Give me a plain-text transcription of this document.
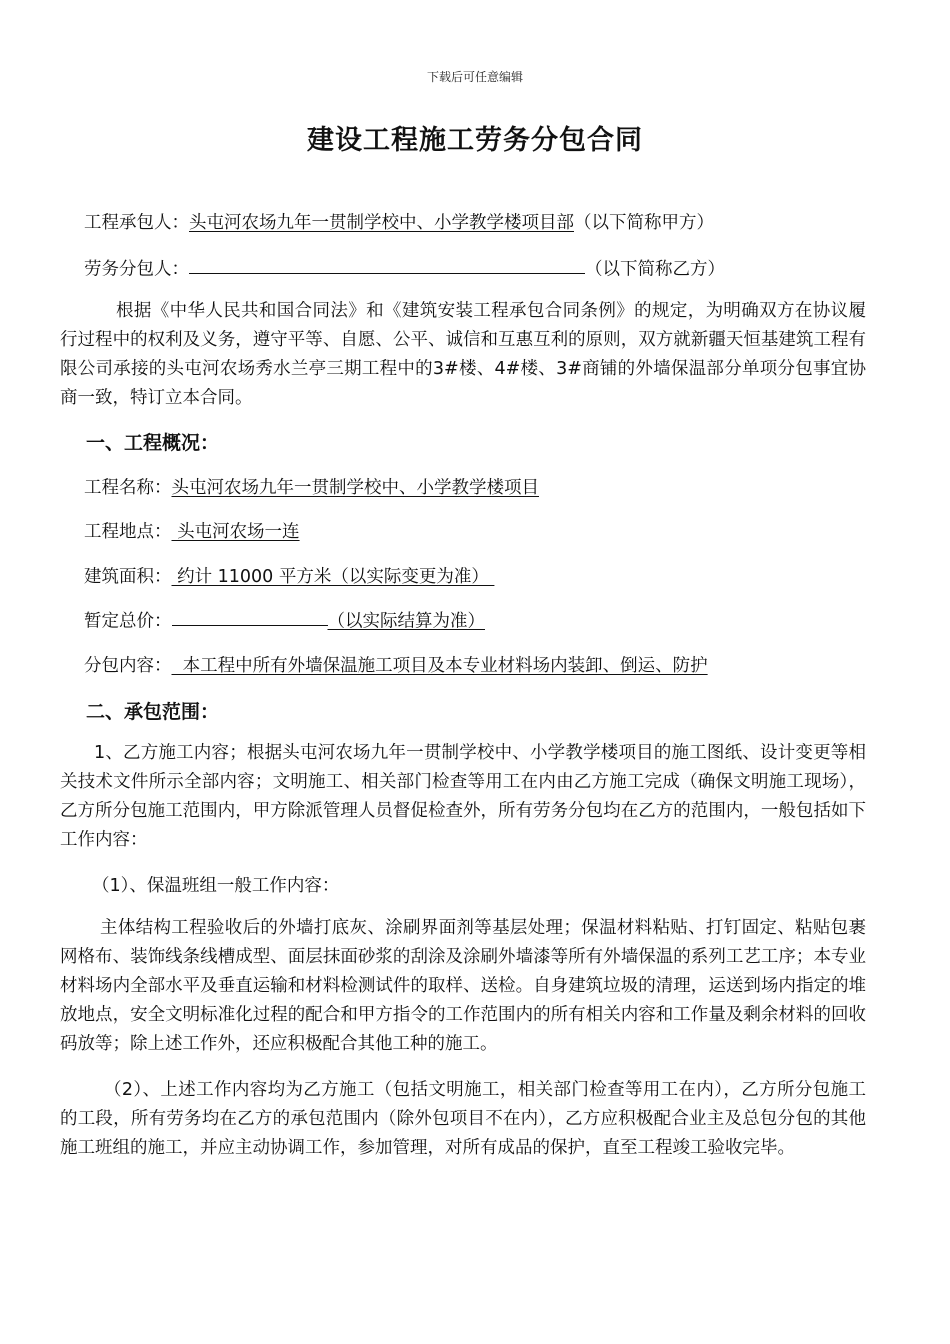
下载后可任意编辑
建设工程施工劳务分包合同
工程承包人：头屯河农场九年一贯制学校中、小学教学楼项目部（以下简称甲方）
劳务分包人：	（以下简称乙方）
根据《中华人民共和国合同法》和《建筑安装工程承包合同条例》的规定，为明确双方在协议履行过程中的权利及义务，遵守平等、自愿、公平、诚信和互惠互利的原则，双方就新疆天恒基建筑工程有限公司承接的头屯河农场秀水兰亭三期工程中的3#楼、4#楼、3#商铺的外墙保温部分单项分包事宜协商一致，特订立本合同。
一、工程概况：
工程名称：头屯河农场九年一贯制学校中、小学教学楼项目
工程地点： 头屯河农场一连
建筑面积： 约计 11000 平方米（以实际变更为准）
暂定总价：	（以实际结算为准）
分包内容：  本工程中所有外墙保温施工项目及本专业材料场内装卸、倒运、防护
二、承包范围：
1、乙方施工内容；根据头屯河农场九年一贯制学校中、小学教学楼项目的施工图纸、设计变更等相关技术文件所示全部内容；文明施工、相关部门检查等用工在内由乙方施工完成（确保文明施工现场），乙方所分包施工范围内，甲方除派管理人员督促检查外，所有劳务分包均在乙方的范围内，一般包括如下工作内容：
（1）、保温班组一般工作内容：
主体结构工程验收后的外墙打底灰、涂刷界面剂等基层处理；保温材料粘贴、打钉固定、粘贴包裹网格布、装饰线条线槽成型、面层抹面砂浆的刮涂及涂刷外墙漆等所有外墙保温的系列工艺工序；本专业材料场内全部水平及垂直运输和材料检测试件的取样、送检。自身建筑垃圾的清理，运送到场内指定的堆放地点，安全文明标准化过程的配合和甲方指令的工作范围内的所有相关内容和工作量及剩余材料的回收码放等；除上述工作外，还应积极配合其他工种的施工。
（2）、上述工作内容均为乙方施工（包括文明施工，相关部门检查等用工在内），乙方所分包施工的工段，所有劳务均在乙方的承包范围内（除外包项目不在内），乙方应积极配合业主及总包分包的其他施工班组的施工，并应主动协调工作，参加管理，对所有成品的保护，直至工程竣工验收完毕。
